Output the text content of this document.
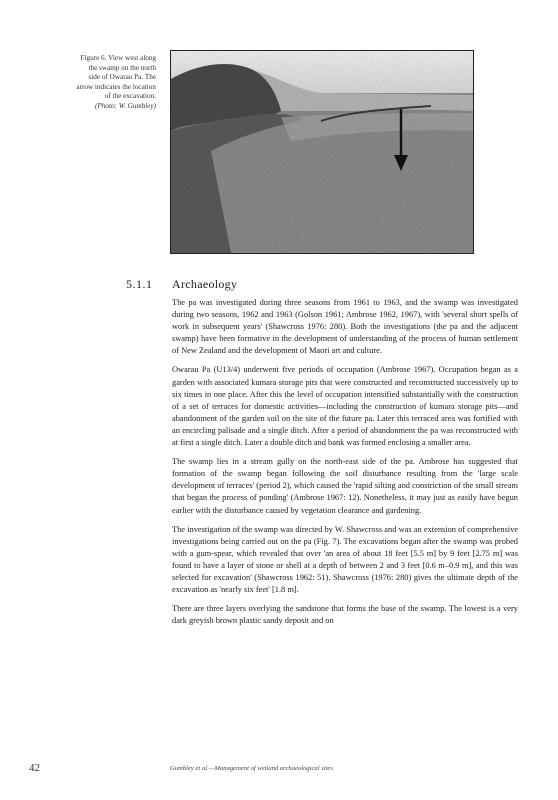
Figure 6. View west along
the swamp on the north
side of Owarau Pa. The
arrow indicates the location
of the excavation.
(Photo: W. Gumbley)
5.1.1 Archaeology

The pa was investigated during three seasons from 1961 to 1963, and the swamp was investigated during two seasons, 1962 and 1963 (Golson 1961; Ambrose 1962, 1967), with 'several short spells of work in subsequent years' (Shawcross 1976: 280). Both the investigations (the pa and the adjacent swamp) have been formative in the development of understanding of the process of human settlement of New Zealand and the development of Maori art and culture.

Owarau Pa (U13/4) underwent five periods of occupation (Ambrose 1967). Occupation began as a garden with associated kumara storage pits that were constructed and reconstructed successively up to six times in one place. After this the level of occupation intensified substantially with the construction of a set of terraces for domestic activities—including the construction of kumara storage pits—and abandonment of the garden soil on the site of the future pa. Later this terraced area was fortified with an encircling palisade and a single ditch. After a period of abandonment the pa was reconstructed with at first a single ditch. Later a double ditch and bank was formed enclosing a smaller area.

The swamp lies in a stream gully on the north-east side of the pa. Ambrose has suggested that formation of the swamp began following the soil disturbance resulting from the 'large scale development of terraces' (period 2), which caused the 'rapid silting and constriction of the small stream that began the process of ponding' (Ambrose 1967: 12). Nonetheless, it may just as easily have begun earlier with the disturbance caused by vegetation clearance and gardening.

The investigation of the swamp was directed by W. Shawcross and was an extension of comprehensive investigations being carried out on the pa (Fig. 7). The excavations began after the swamp was probed with a gum-spear, which revealed that over 'an area of about 18 feet [5.5 m] by 9 feet [2.75 m] was found to have a layer of stone or shell at a depth of between 2 and 3 feet [0.6 m–0.9 m], and this was selected for excavation' (Shawcross 1962: 51). Shawcross (1976: 280) gives the ultimate depth of the excavation as 'nearly six feet' [1.8 m].

There are three layers overlying the sandstone that forms the base of the swamp. The lowest is a very dark greyish brown plastic sandy deposit and on

42	Gumbley et al.—Management of wetland archaeological sites
